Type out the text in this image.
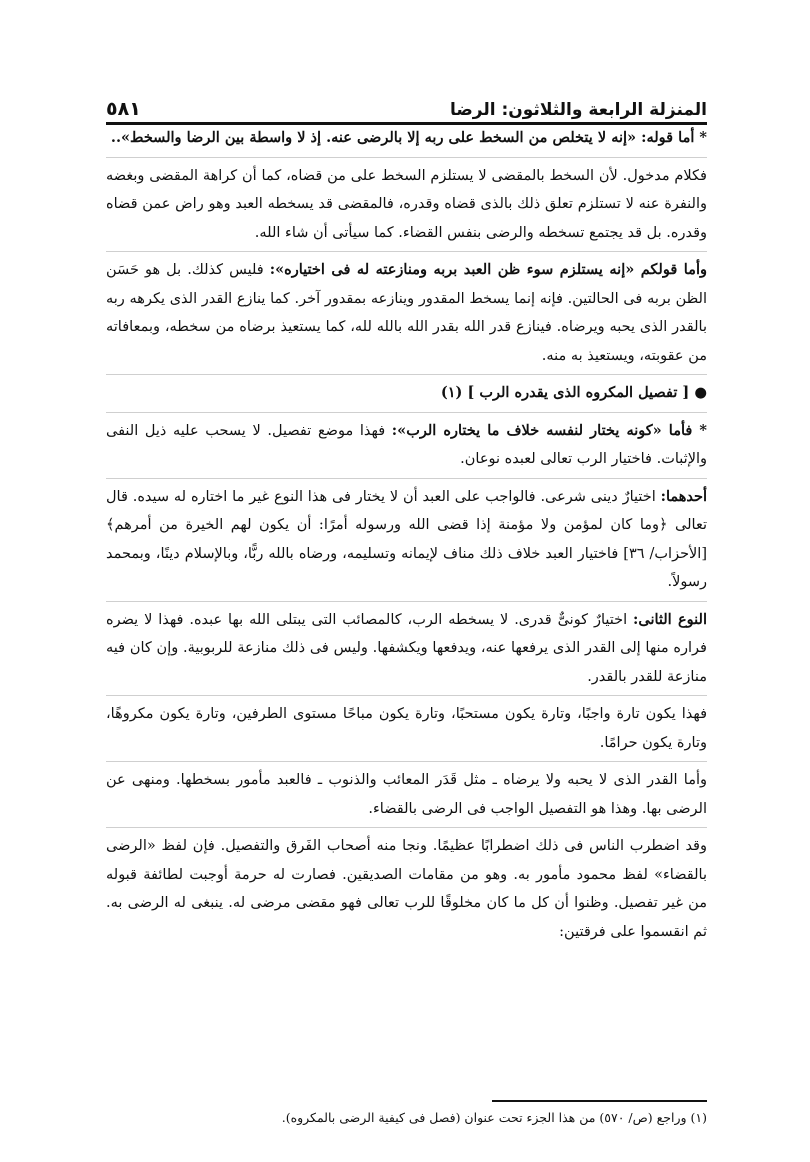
المنزلة الرابعة والثلاثون: الرضا
٥٨١

* أما قوله: «إنه لا يتخلص من السخط على ربه إلا بالرضى عنه. إذ لا واسطة بين الرضا والسخط»..

فكلام مدخول. لأن السخط بالمقضى لا يستلزم السخط على من قضاه، كما أن كراهة المقضى وبغضه والنفرة عنه لا تستلزم تعلق ذلك بالذى قضاه وقدره، فالمقضى قد يسخطه العبد وهو راض عمن قضاه وقدره. بل قد يجتمع تسخطه والرضى بنفس القضاء. كما سيأتى أن شاء الله.

وأما قولكم «إنه يستلزم سوء ظن العبد بربه ومنازعته له فى اختياره»: فليس كذلك. بل هو حَسَن الظن بربه فى الحالتين. فإنه إنما يسخط المقدور وينازعه بمقدور آخر. كما ينازع القدر الذى يكرهه ربه بالقدر الذى يحبه ويرضاه. فينازع قدر الله بقدر الله بالله لله، كما يستعيذ برضاه من سخطه، وبمعافاته من عقوبته، ويستعيذ به منه.

● [ تفصيل المكروه الذى يقدره الرب ] (١)

* فأما «كونه يختار لنفسه خلاف ما يختاره الرب»: فهذا موضع تفصيل. لا يسحب عليه ذيل النفى والإثبات. فاختيار الرب تعالى لعبده نوعان.

أحدهما: اختيارٌ دينى شرعى. فالواجب على العبد أن لا يختار فى هذا النوع غير ما اختاره له سيده. قال تعالى ﴿وما كان لمؤمن ولا مؤمنة إذا قضى الله ورسوله أمرًا: أن يكون لهم الخيرة من أمرهم﴾ [الأحزاب/ ٣٦] فاختيار العبد خلاف ذلك مناف لإيمانه وتسليمه، ورضاه بالله ربًّا، وبالإسلام دينًا، وبمحمد رسولاً.

النوع الثانى: اختيارٌ كونىٌّ قدرى. لا يسخطه الرب، كالمصائب التى يبتلى الله بها عبده. فهذا لا يضره فراره منها إلى القدر الذى يرفعها عنه، ويدفعها ويكشفها. وليس فى ذلك منازعة للربوبية. وإن كان فيه منازعة للقدر بالقدر.

فهذا يكون تارة واجبًا، وتارة يكون مستحبًا، وتارة يكون مباحًا مستوى الطرفين، وتارة يكون مكروهًا، وتارة يكون حرامًا.

وأما القدر الذى لا يحبه ولا يرضاه ـ مثل قَدَر المعائب والذنوب ـ فالعبد مأمور بسخطها. ومنهى عن الرضى بها. وهذا هو التفصيل الواجب فى الرضى بالقضاء.

وقد اضطرب الناس فى ذلك اضطرابًا عظيمًا. ونجا منه أصحاب الفَرق والتفصيل. فإن لفظ «الرضى بالقضاء» لفظ محمود مأمور به. وهو من مقامات الصديقين. فصارت له حرمة أوجبت لطائفة قبوله من غير تفصيل. وظنوا أن كل ما كان مخلوقًا للرب تعالى فهو مقضى مرضى له. ينبغى له الرضى به. ثم انقسموا على فرقتين:

(١) وراجع (ص/ ٥٧٠) من هذا الجزء تحت عنوان (فصل فى كيفية الرضى بالمكروه).
